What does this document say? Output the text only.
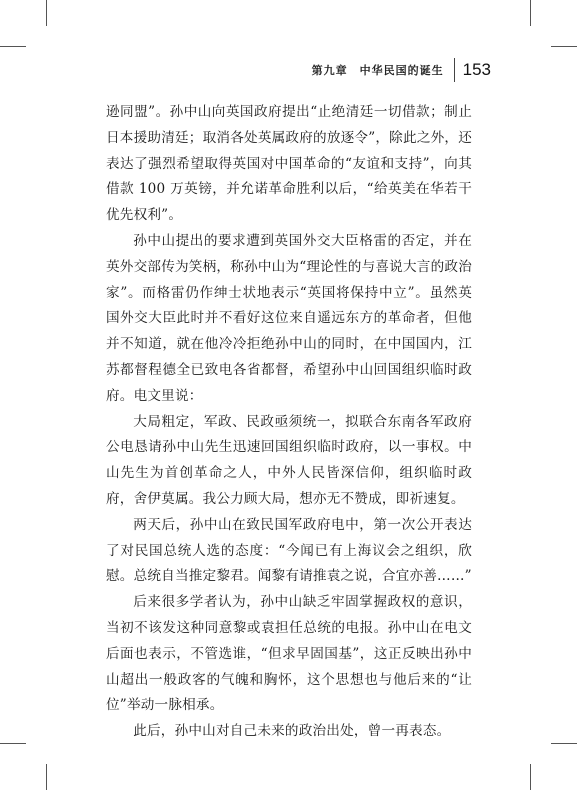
第九章　中华民国的诞生 153

逊同盟”。孙中山向英国政府提出“止绝清廷一切借款；制止日本援助清廷；取消各处英属政府的放逐令”，除此之外，还表达了强烈希望取得英国对中国革命的“友谊和支持”，向其借款 100 万英镑，并允诺革命胜利以后，“给英美在华若干优先权利”。

孙中山提出的要求遭到英国外交大臣格雷的否定，并在英外交部传为笑柄，称孙中山为“理论性的与喜说大言的政治家”。而格雷仍作绅士状地表示“英国将保持中立”。虽然英国外交大臣此时并不看好这位来自遥远东方的革命者，但他并不知道，就在他冷冷拒绝孙中山的同时，在中国国内，江苏都督程德全已致电各省都督，希望孙中山回国组织临时政府。电文里说：

大局粗定，军政、民政亟须统一，拟联合东南各军政府公电恳请孙中山先生迅速回国组织临时政府，以一事权。中山先生为首创革命之人，中外人民皆深信仰，组织临时政府，舍伊莫属。我公力顾大局，想亦无不赞成，即祈速复。

两天后，孙中山在致民国军政府电中，第一次公开表达了对民国总统人选的态度：“今闻已有上海议会之组织，欣慰。总统自当推定黎君。闻黎有请推袁之说，合宜亦善……”

后来很多学者认为，孙中山缺乏牢固掌握政权的意识，当初不该发这种同意黎或袁担任总统的电报。孙中山在电文后面也表示，不管选谁，“但求早固国基”，这正反映出孙中山超出一般政客的气魄和胸怀，这个思想也与他后来的“让位”举动一脉相承。

此后，孙中山对自己未来的政治出处，曾一再表态。
